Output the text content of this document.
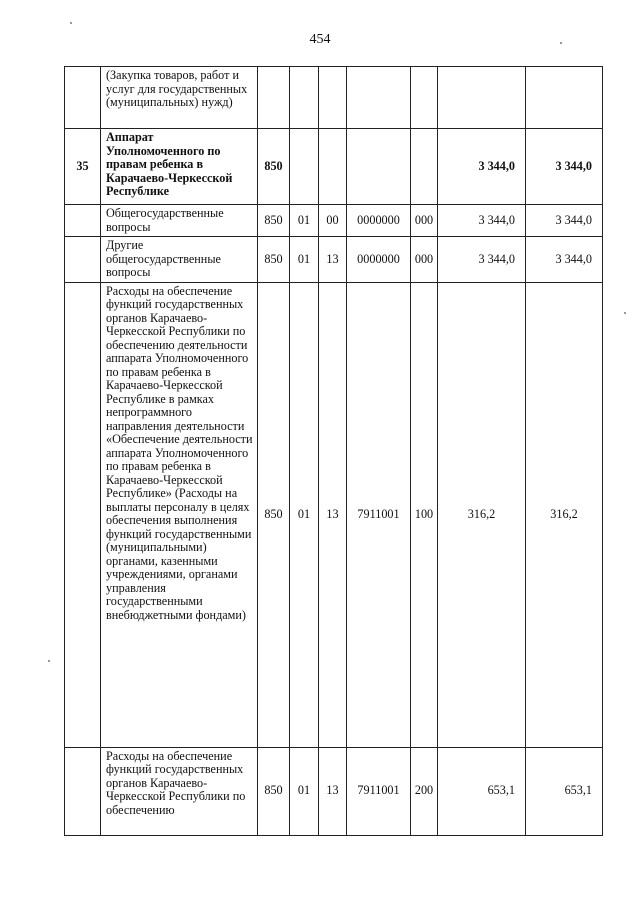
454
	(Закупка товаров, работ и услуг для государственных (муниципальных) нужд)							
35	Аппарат Уполномоченного по правам ребенка в Карачаево-Черкесской Республике	850					3 344,0	3 344,0
	Общегосударственные вопросы	850	01	00	0000000	000	3 344,0	3 344,0
	Другие общегосударственные вопросы	850	01	13	0000000	000	3 344,0	3 344,0
	Расходы на обеспечение функций государственных органов Карачаево-Черкесской Республики по обеспечению деятельности аппарата Уполномоченного по правам ребенка в Карачаево-Черкесской Республике в рамках непрограммного направления деятельности «Обеспечение деятельности аппарата Уполномоченного по правам ребенка в Карачаево-Черкесской Республике» (Расходы на выплаты персоналу в целях обеспечения выполнения функций государственными (муниципальными) органами, казенными учреждениями, органами управления государственными внебюджетными фондами)	850	01	13	7911001	100	316,2	316,2
	Расходы на обеспечение функций государственных органов Карачаево-Черкесской Республики по обеспечению	850	01	13	7911001	200	653,1	653,1
